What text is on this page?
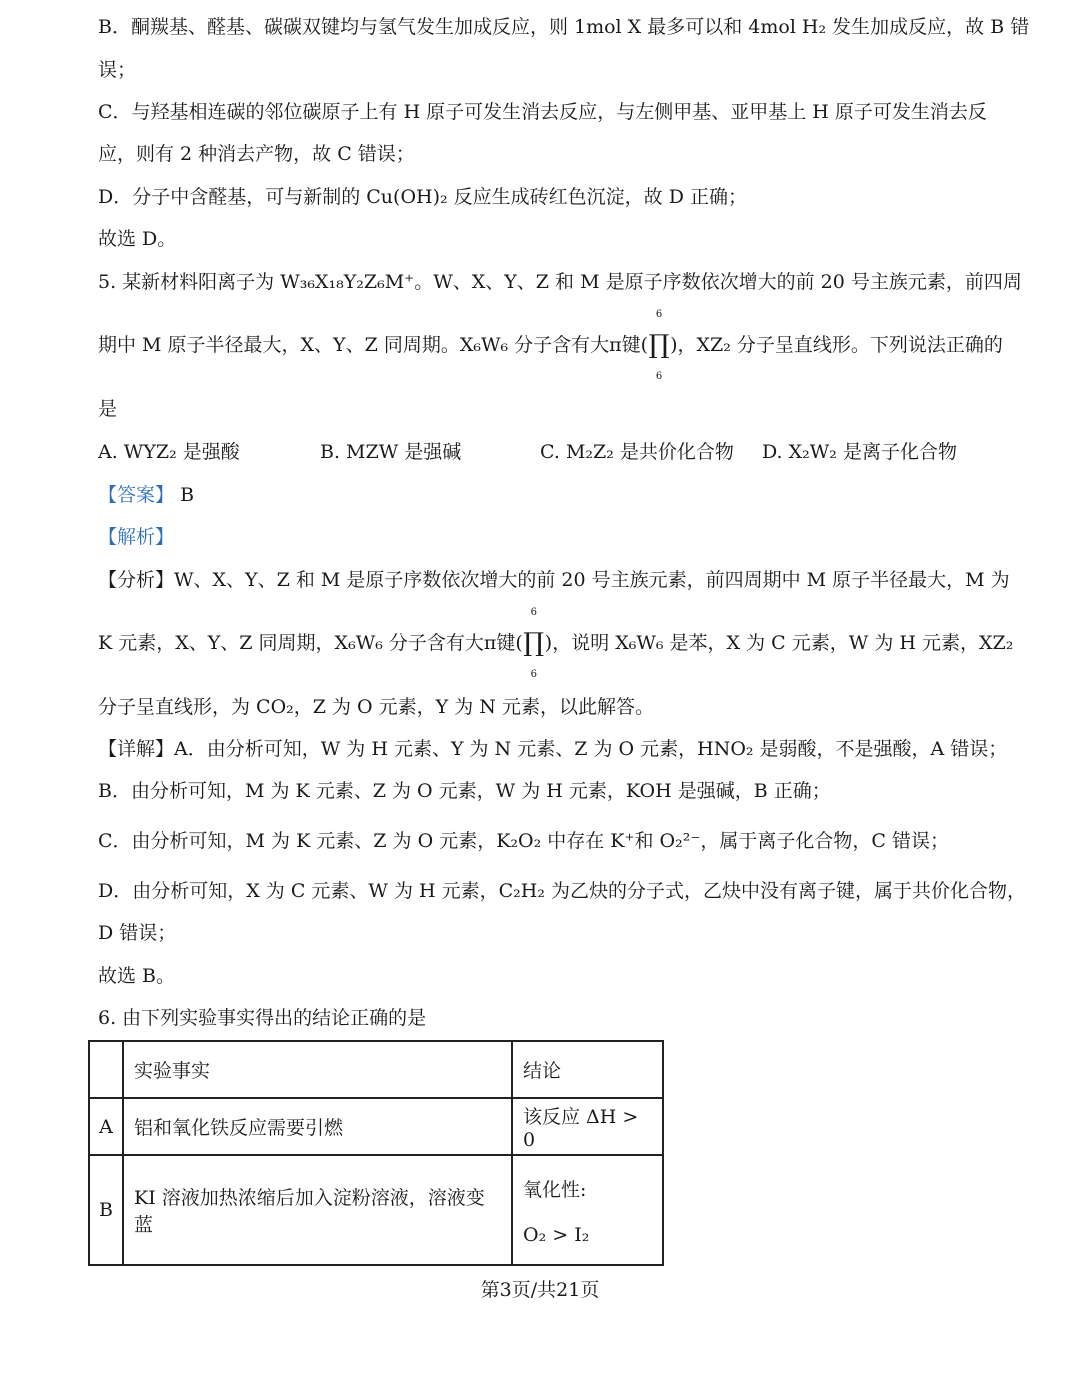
B．酮羰基、醛基、碳碳双键均与氢气发生加成反应，则 1mol X 最多可以和 4mol H₂ 发生加成反应，故 B 错
误；
C．与羟基相连碳的邻位碳原子上有 H 原子可发生消去反应，与左侧甲基、亚甲基上 H 原子可发生消去反
应，则有 2 种消去产物，故 C 错误；
D．分子中含醛基，可与新制的 Cu(OH)₂ 反应生成砖红色沉淀，故 D 正确；
故选 D。
5. 某新材料阳离子为 W₃₆X₁₈Y₂Z₆M⁺。W、X、Y、Z 和 M 是原子序数依次增大的前 20 号主族元素，前四周
期中 M 原子半径最大，X、Y、Z 同周期。X₆W₆ 分子含有大π键(
6
∏
6
)，XZ₂ 分子呈直线形。下列说法正确的
是
A. WYZ₂ 是强酸	B. MZW 是强碱	C. M₂Z₂ 是共价化合物 D. X₂W₂ 是离子化合物
【答案】 B
【解析】
【分析】W、X、Y、Z 和 M 是原子序数依次增大的前 20 号主族元素，前四周期中 M 原子半径最大，M 为
K 元素，X、Y、Z 同周期，X₆W₆ 分子含有大π键(
6
∏
6
)，说明 X₆W₆ 是苯，X 为 C 元素，W 为 H 元素，XZ₂
分子呈直线形，为 CO₂，Z 为 O 元素，Y 为 N 元素，以此解答。
【详解】A．由分析可知，W 为 H 元素、Y 为 N 元素、Z 为 O 元素，HNO₂ 是弱酸，不是强酸，A 错误；
B．由分析可知，M 为 K 元素、Z 为 O 元素，W 为 H 元素，KOH 是强碱，B 正确；
C．由分析可知，M 为 K 元素、Z 为 O 元素，K₂O₂ 中存在 K⁺和 O₂²⁻，属于离子化合物，C 错误；
D．由分析可知，X 为 C 元素、W 为 H 元素，C₂H₂ 为乙炔的分子式，乙炔中没有离子键，属于共价化合物，
D 错误；
故选 B。
6. 由下列实验事实得出的结论正确的是
	实验事实	结论
A	铝和氧化铁反应需要引燃	该反应 ΔH > 0
B	KI 溶液加热浓缩后加入淀粉溶液，溶液变蓝	氧化性:
O₂ > I₂
第3页/共21页
